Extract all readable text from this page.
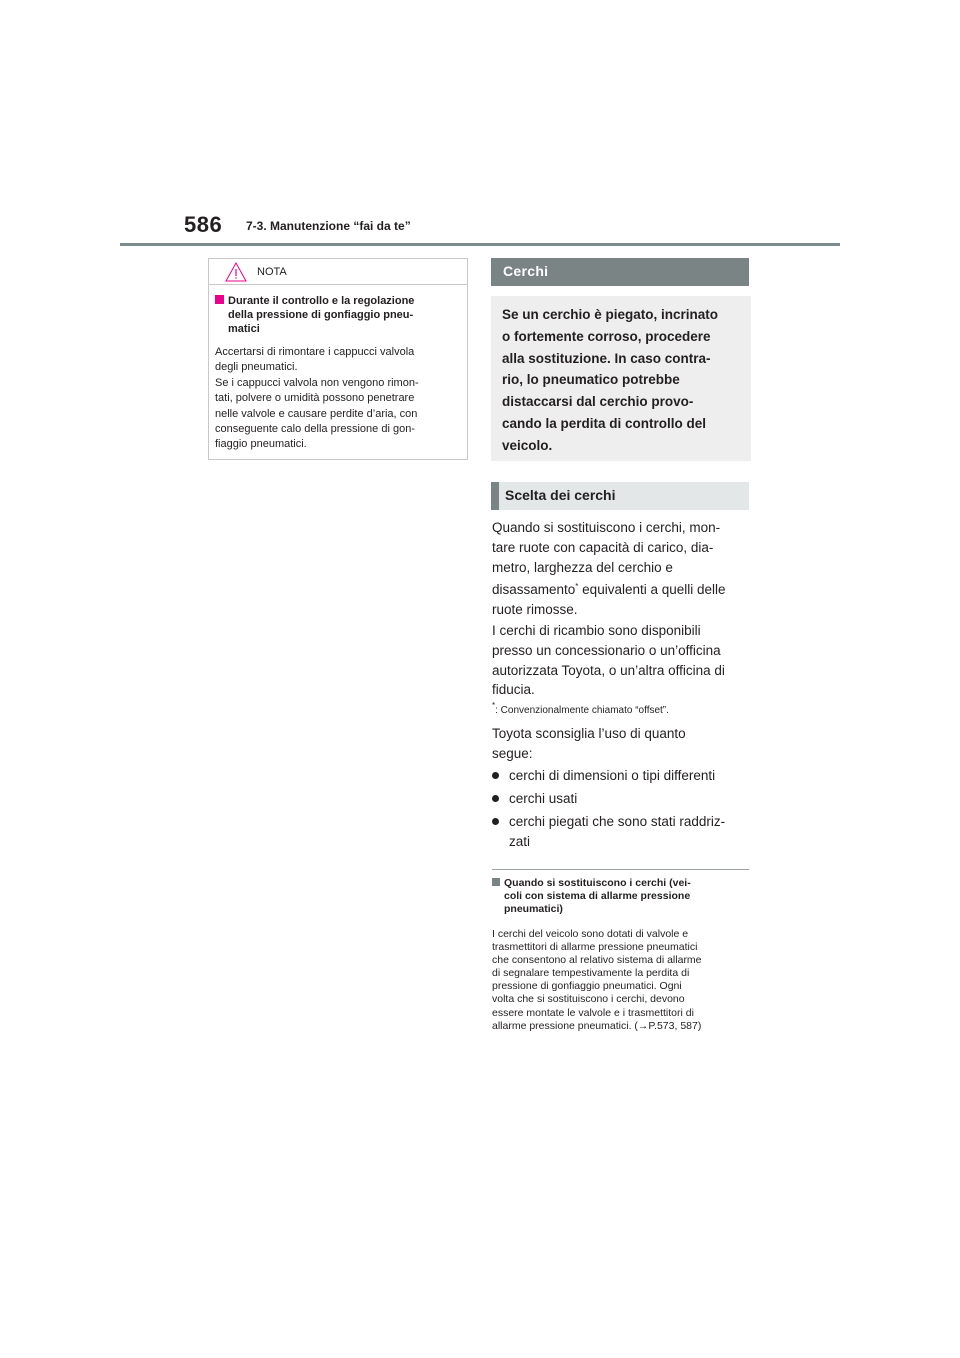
586 7-3. Manutenzione “fai da te”
NOTA
Durante il controllo e la regolazione
della pressione di gonfiaggio pneu-
matici

Accertarsi di rimontare i cappucci valvola

degli pneumatici.

Se i cappucci valvola non vengono rimon-

tati, polvere o umidità possono penetrare

nelle valvole e causare perdite d’aria, con

conseguente calo della pressione di gon-

fiaggio pneumatici.

Cerchi
Se un cerchio è piegato, incrinato
o fortemente corroso, procedere
alla sostituzione. In caso contra-
rio, lo pneumatico potrebbe
distaccarsi dal cerchio provo-
cando la perdita di controllo del
veicolo.
Scelta dei cerchi
Quando si sostituiscono i cerchi, mon-
tare ruote con capacità di carico, dia-
metro, larghezza del cerchio e
disassamento* equivalenti a quelli delle
ruote rimosse.
I cerchi di ricambio sono disponibili
presso un concessionario o un’officina
autorizzata Toyota, o un’altra officina di
fiducia.
*: Convenzionalmente chiamato “offset”.
Toyota sconsiglia l’uso di quanto
segue:
cerchi di dimensioni o tipi differenti
cerchi usati
cerchi piegati che sono stati raddriz-
zati
Quando si sostituiscono i cerchi (vei-
coli con sistema di allarme pressione
pneumatici)
I cerchi del veicolo sono dotati di valvole e
trasmettitori di allarme pressione pneumatici
che consentono al relativo sistema di allarme
di segnalare tempestivamente la perdita di
pressione di gonfiaggio pneumatici. Ogni
volta che si sostituiscono i cerchi, devono
essere montate le valvole e i trasmettitori di
allarme pressione pneumatici. (→P.573, 587)
